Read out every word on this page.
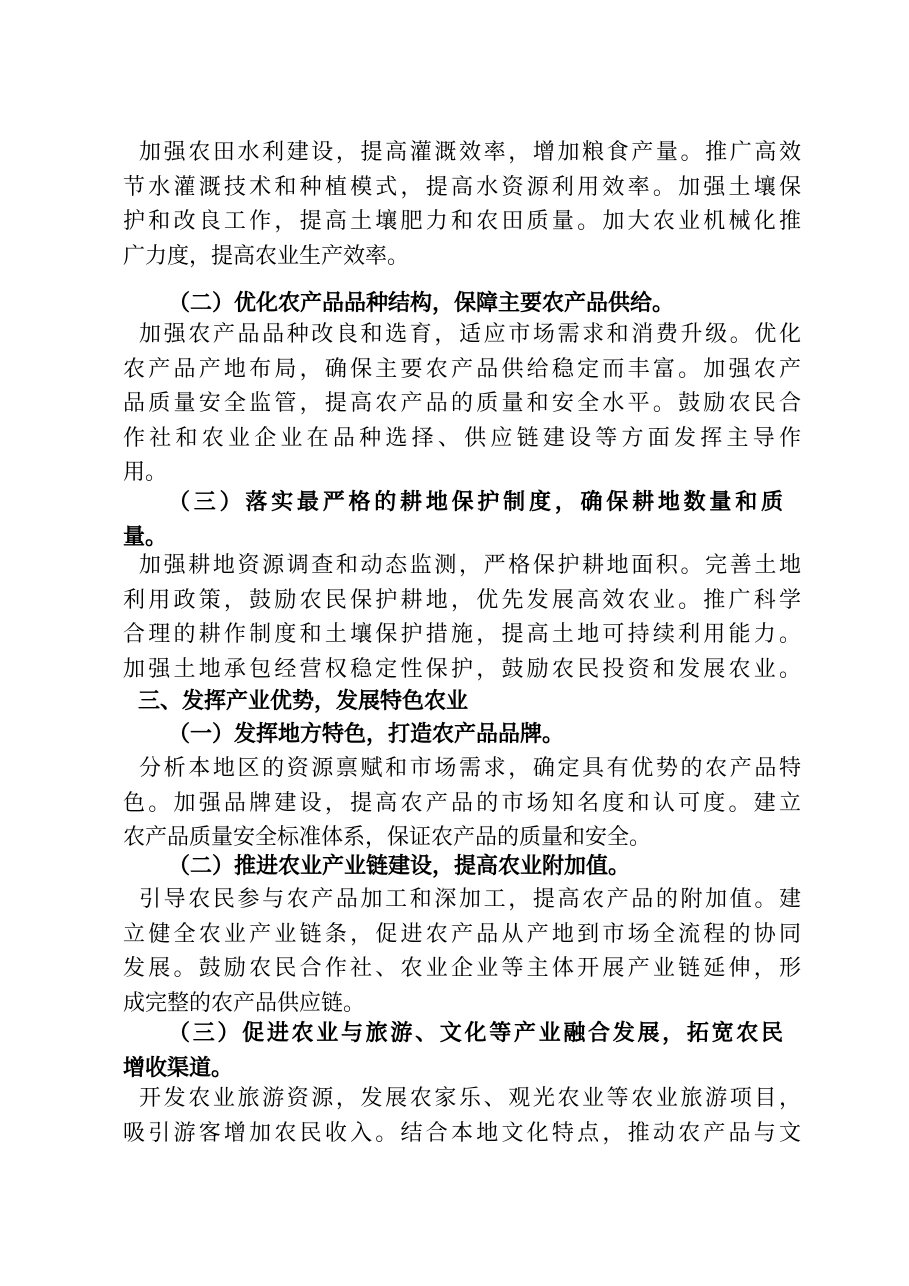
加强农田水利建设，提高灌溉效率，增加粮食产量。推广高效
节水灌溉技术和种植模式，提高水资源利用效率。加强土壤保
护和改良工作，提高土壤肥力和农田质量。加大农业机械化推
广力度，提高农业生产效率。
（二）优化农产品品种结构，保障主要农产品供给。
加强农产品品种改良和选育，适应市场需求和消费升级。优化
农产品产地布局，确保主要农产品供给稳定而丰富。加强农产
品质量安全监管，提高农产品的质量和安全水平。鼓励农民合
作社和农业企业在品种选择、供应链建设等方面发挥主导作
用。
（三）落实最严格的耕地保护制度，确保耕地数量和质
量。
加强耕地资源调查和动态监测，严格保护耕地面积。完善土地
利用政策，鼓励农民保护耕地，优先发展高效农业。推广科学
合理的耕作制度和土壤保护措施，提高土地可持续利用能力。
加强土地承包经营权稳定性保护，鼓励农民投资和发展农业。
三、发挥产业优势，发展特色农业
（一）发挥地方特色，打造农产品品牌。
分析本地区的资源禀赋和市场需求，确定具有优势的农产品特
色。加强品牌建设，提高农产品的市场知名度和认可度。建立
农产品质量安全标准体系，保证农产品的质量和安全。
（二）推进农业产业链建设，提高农业附加值。
引导农民参与农产品加工和深加工，提高农产品的附加值。建
立健全农业产业链条，促进农产品从产地到市场全流程的协同
发展。鼓励农民合作社、农业企业等主体开展产业链延伸，形
成完整的农产品供应链。
（三）促进农业与旅游、文化等产业融合发展，拓宽农民
增收渠道。
开发农业旅游资源，发展农家乐、观光农业等农业旅游项目，
吸引游客增加农民收入。结合本地文化特点，推动农产品与文
